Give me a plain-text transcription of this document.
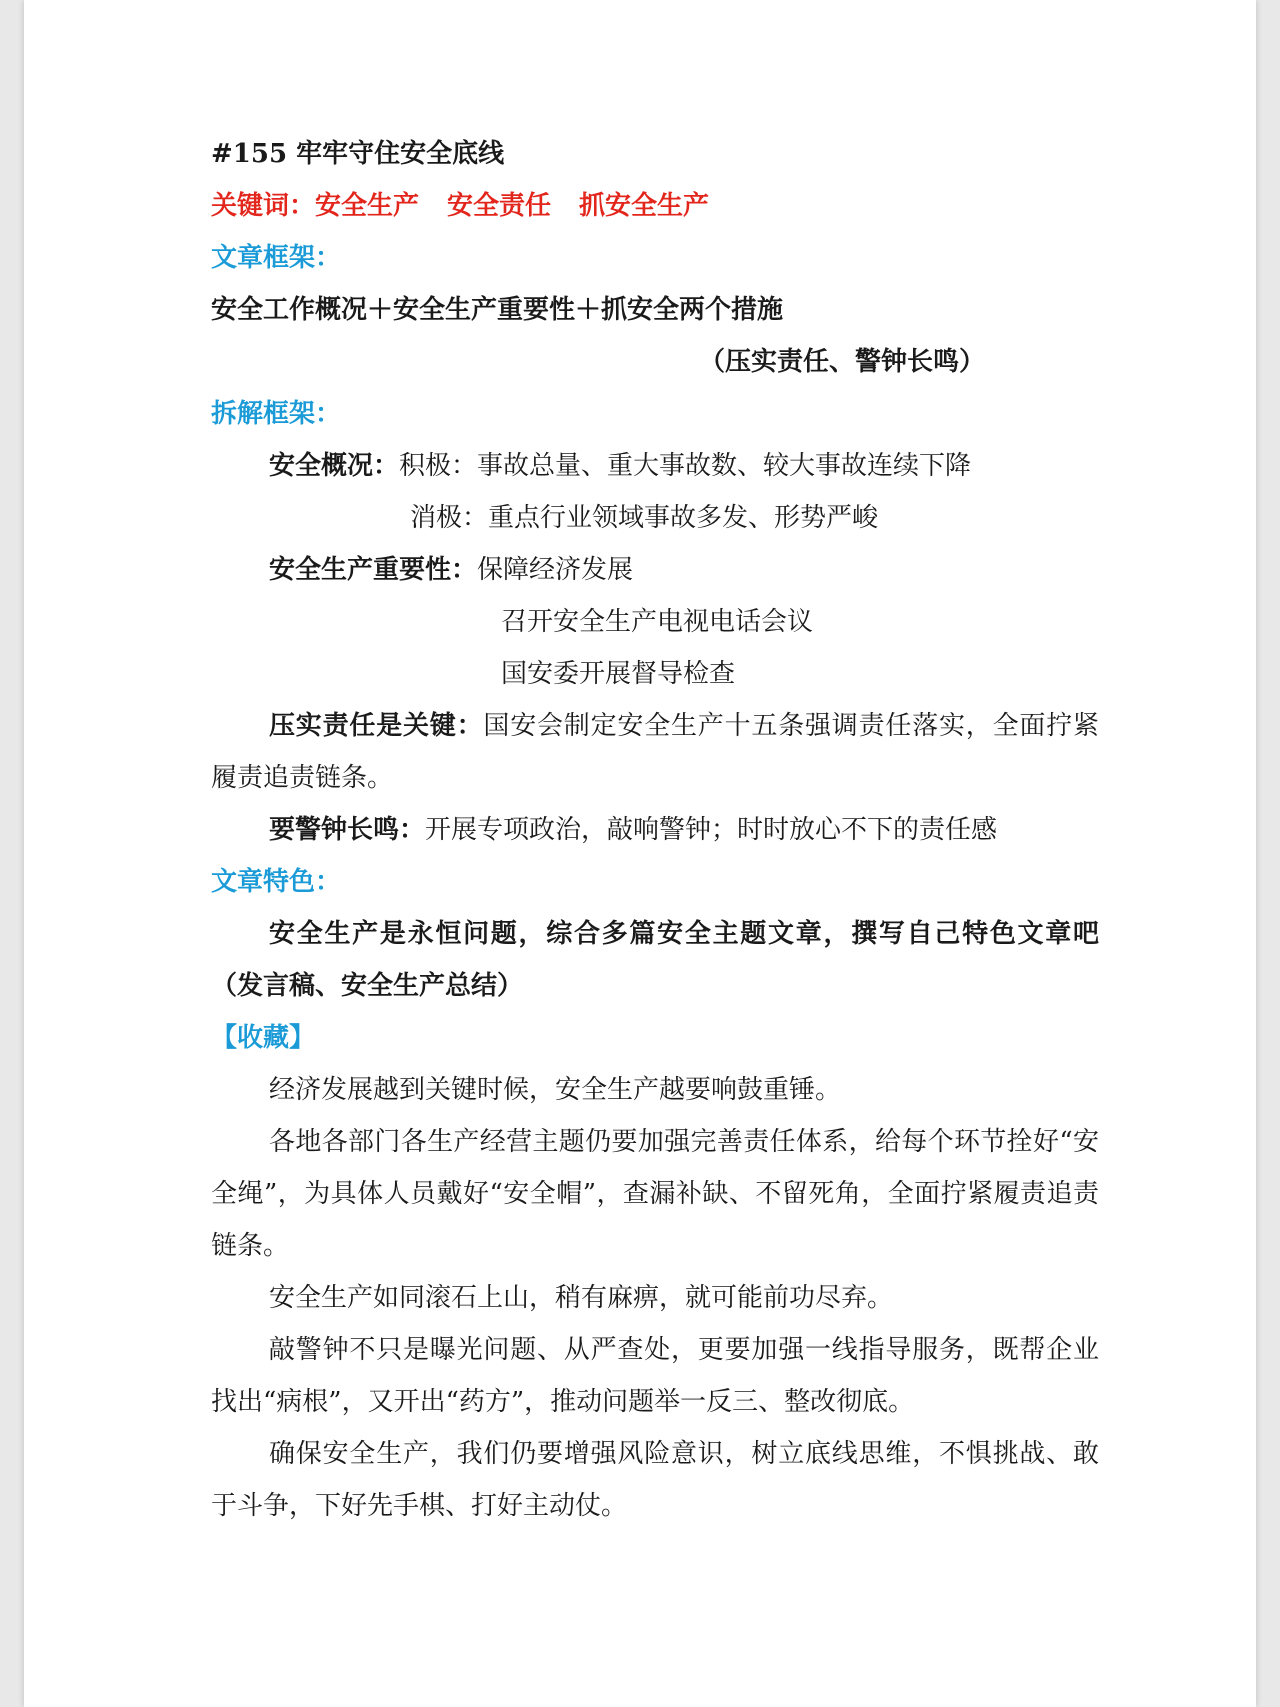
#155 牢牢守住安全底线
关键词：安全生产 安全责任 抓安全生产
文章框架：
安全工作概况＋安全生产重要性＋抓安全两个措施
（压实责任、警钟长鸣）
拆解框架：
安全概况：积极：事故总量、重大事故数、较大事故连续下降
消极：重点行业领域事故多发、形势严峻
安全生产重要性：保障经济发展
召开安全生产电视电话会议
国安委开展督导检查
压实责任是关键：国安会制定安全生产十五条强调责任落实，全面拧紧履责追责链条。
要警钟长鸣：开展专项政治，敲响警钟；时时放心不下的责任感
文章特色：
安全生产是永恒问题，综合多篇安全主题文章，撰写自己特色文章吧（发言稿、安全生产总结）
【收藏】
经济发展越到关键时候，安全生产越要响鼓重锤。
各地各部门各生产经营主题仍要加强完善责任体系，给每个环节拴好“安全绳”，为具体人员戴好“安全帽”，查漏补缺、不留死角，全面拧紧履责追责链条。
安全生产如同滚石上山，稍有麻痹，就可能前功尽弃。
敲警钟不只是曝光问题、从严查处，更要加强一线指导服务，既帮企业找出“病根”，又开出“药方”，推动问题举一反三、整改彻底。
确保安全生产，我们仍要增强风险意识，树立底线思维，不惧挑战、敢于斗争，下好先手棋、打好主动仗。
